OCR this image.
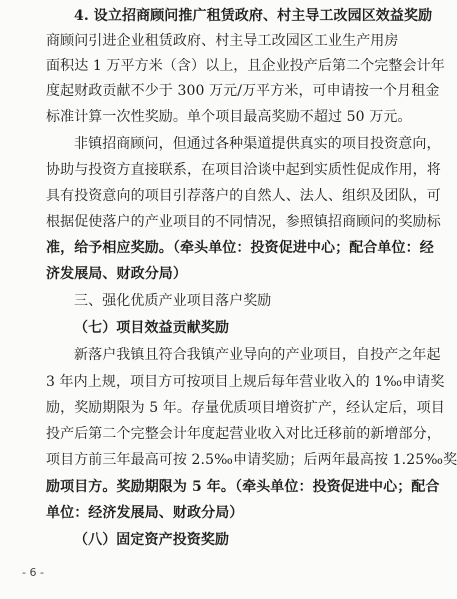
4. 设立招商顾问推广租赁政府、村主导工改园区效益奖励
商顾问引进企业租赁政府、村主导工改园区工业生产用房
面积达 1 万平方米（含）以上，且企业投产后第二个完整会计年
度起财政贡献不少于 300 万元/万平方米，可申请按一个月租金
标准计算一次性奖励。单个项目最高奖励不超过 50 万元。
非镇招商顾问，但通过各种渠道提供真实的项目投资意向，
协助与投资方直接联系，在项目洽谈中起到实质性促成作用，将
具有投资意向的项目引荐落户的自然人、法人、组织及团队，可
根据促使落户的产业项目的不同情况，参照镇招商顾问的奖励标
准，给予相应奖励。（牵头单位：投资促进中心；配合单位：经
济发展局、财政分局）
三、强化优质产业项目落户奖励
（七）项目效益贡献奖励
新落户我镇且符合我镇产业导向的产业项目，自投产之年起
3 年内上规，项目方可按项目上规后每年营业收入的 1‰申请奖
励，奖励期限为 5 年。存量优质项目增资扩产，经认定后，项目
投产后第二个完整会计年度起营业收入对比迁移前的新增部分，
项目方前三年最高可按 2.5‰申请奖励；后两年最高按 1.25‰奖
励项目方。奖励期限为 5 年。（牵头单位：投资促进中心；配合
单位：经济发展局、财政分局）
（八）固定资产投资奖励
- 6 -
